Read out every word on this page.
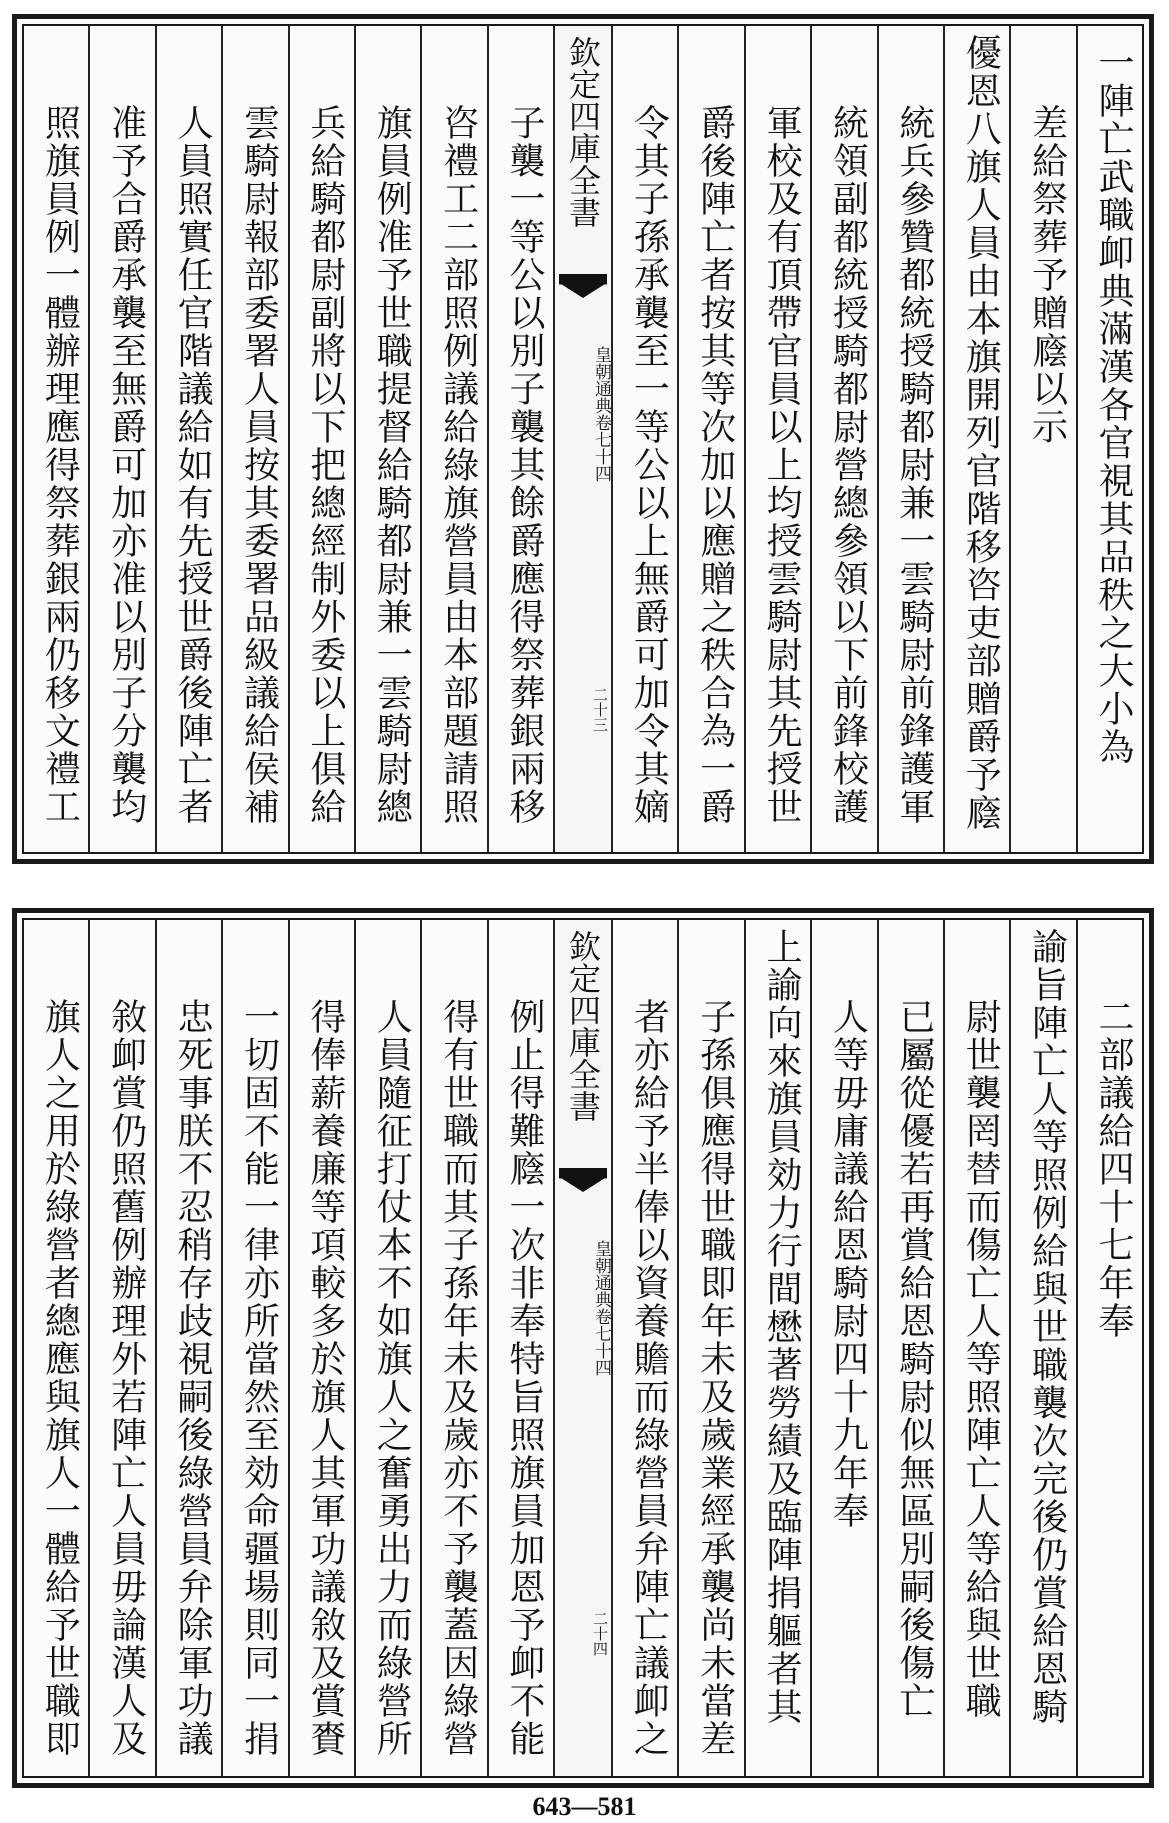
一陣亡武職卹典滿漢各官視其品秩之大小為
差給祭葬予贈廕以示
優恩八旗人員由本旗開列官階移咨吏部贈爵予廕
統兵參贊都統授騎都尉兼一雲騎尉前鋒護軍
統領副都統授騎都尉營總參領以下前鋒校護
軍校及有頂帶官員以上均授雲騎尉其先授世
爵後陣亡者按其等次加以應贈之秩合為一爵
令其子孫承襲至一等公以上無爵可加令其嫡
欽定四庫全書
皇朝通典
卷七十四
二十三
子襲一等公以別子襲其餘爵應得祭葬銀兩移
咨禮工二部照例議給綠旗營員由本部題請照
旗員例准予世職提督給騎都尉兼一雲騎尉總
兵給騎都尉副將以下把總經制外委以上俱給
雲騎尉報部委署人員按其委署品級議給侯補
人員照實任官階議給如有先授世爵後陣亡者
准予合爵承襲至無爵可加亦准以別子分襲均
照旗員例一體辦理應得祭葬銀兩仍移文禮工
二部議給四十七年奉
諭旨陣亡人等照例給與世職襲次完後仍賞給恩騎
尉世襲罔替而傷亡人等照陣亡人等給與世職
已屬從優若再賞給恩騎尉似無區別嗣後傷亡
人等毋庸議給恩騎尉四十九年奉
上諭向來旗員効力行間懋著勞績及臨陣捐軀者其
子孫俱應得世職即年未及歲業經承襲尚未當差
者亦給予半俸以資養贍而綠營員弁陣亡議卹之
欽定四庫全書
皇朝通典
卷七十四
二十四
例止得難廕一次非奉特旨照旗員加恩予卹不能
得有世職而其子孫年未及歲亦不予襲蓋因綠營
人員隨征打仗本不如旗人之奮勇出力而綠營所
得俸薪養廉等項較多於旗人其軍功議敘及賞賚
一切固不能一律亦所當然至効命疆場則同一捐
忠死事朕不忍稍存歧視嗣後綠營員弁除軍功議
敘卹賞仍照舊例辦理外若陣亡人員毋論漢人及
旗人之用於綠營者總應與旗人一體給予世職即
643—581
